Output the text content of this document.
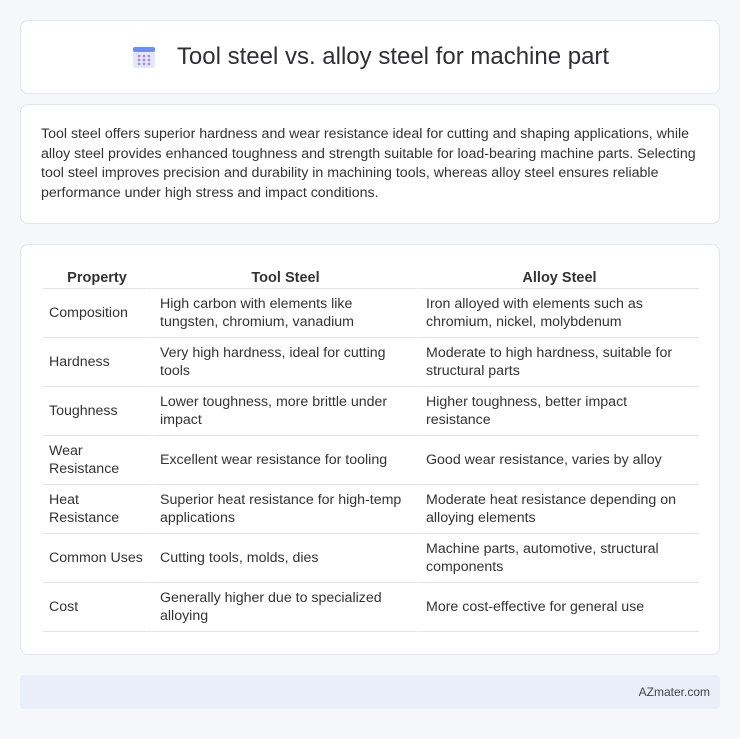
Tool steel vs. alloy steel for machine part

Tool steel offers superior hardness and wear resistance ideal for cutting and shaping applications, while alloy steel provides enhanced toughness and strength suitable for load-bearing machine parts. Selecting tool steel improves precision and durability in machining tools, whereas alloy steel ensures reliable performance under high stress and impact conditions.

Property	Tool Steel	Alloy Steel
Composition	High carbon with elements like tungsten, chromium, vanadium	Iron alloyed with elements such as chromium, nickel, molybdenum
Hardness	Very high hardness, ideal for cutting tools	Moderate to high hardness, suitable for structural parts
Toughness	Lower toughness, more brittle under impact	Higher toughness, better impact resistance
Wear Resistance	Excellent wear resistance for tooling	Good wear resistance, varies by alloy
Heat Resistance	Superior heat resistance for high-temp applications	Moderate heat resistance depending on alloying elements
Common Uses	Cutting tools, molds, dies	Machine parts, automotive, structural components
Cost	Generally higher due to specialized alloying	More cost-effective for general use
AZmater.com
